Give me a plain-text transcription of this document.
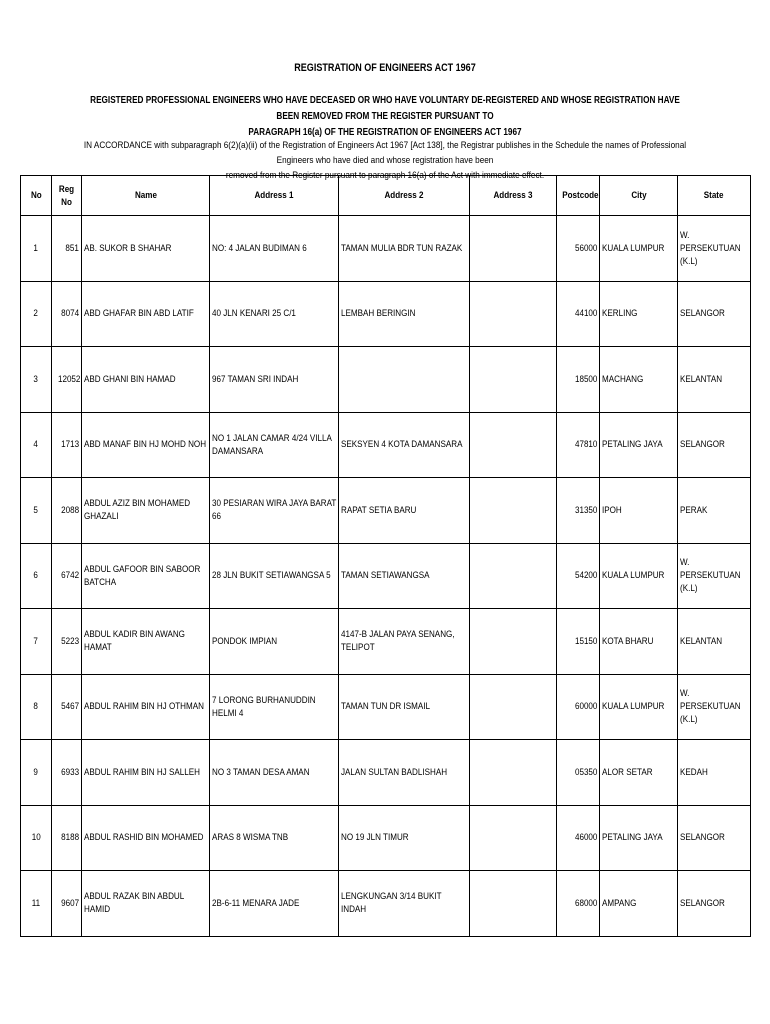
REGISTRATION OF ENGINEERS ACT 1967
REGISTERED PROFESSIONAL ENGINEERS WHO HAVE DECEASED OR WHO HAVE VOLUNTARY DE-REGISTERED AND WHOSE REGISTRATION HAVE BEEN REMOVED FROM THE REGISTER PURSUANT TO
PARAGRAPH 16(a) OF THE REGISTRATION OF ENGINEERS ACT 1967
IN ACCORDANCE with subparagraph 6(2)(a)(ii) of the Registration of Engineers Act 1967 [Act 138], the Registrar publishes in the Schedule the names of Professional Engineers who have died and whose registration have been
removed from the Register pursuant to paragraph 16(a) of the Act with immediate effect.
No	Reg No	Name	Address 1	Address 2	Address 3	Postcode	City	State
1	851	AB. SUKOR B SHAHAR	NO: 4 JALAN BUDIMAN 6	TAMAN MULIA BDR TUN RAZAK		56000	KUALA LUMPUR	W. PERSEKUTUAN (K.L)
2	8074	ABD GHAFAR BIN ABD LATIF	40 JLN KENARI 25 C/1	LEMBAH BERINGIN		44100	KERLING	SELANGOR
3	12052	ABD GHANI BIN HAMAD	967 TAMAN SRI INDAH			18500	MACHANG	KELANTAN
4	1713	ABD MANAF BIN HJ MOHD NOH	NO 1 JALAN CAMAR 4/24 VILLA DAMANSARA	SEKSYEN 4 KOTA DAMANSARA		47810	PETALING JAYA	SELANGOR
5	2088	ABDUL AZIZ BIN MOHAMED GHAZALI	30 PESIARAN WIRA JAYA BARAT 66	RAPAT SETIA BARU		31350	IPOH	PERAK
6	6742	ABDUL GAFOOR BIN SABOOR BATCHA	28 JLN BUKIT SETIAWANGSA 5	TAMAN SETIAWANGSA		54200	KUALA LUMPUR	W. PERSEKUTUAN (K.L)
7	5223	ABDUL KADIR BIN AWANG HAMAT	PONDOK IMPIAN	4147-B JALAN PAYA SENANG, TELIPOT		15150	KOTA BHARU	KELANTAN
8	5467	ABDUL RAHIM BIN HJ OTHMAN	7 LORONG BURHANUDDIN HELMI 4	TAMAN TUN DR ISMAIL		60000	KUALA LUMPUR	W. PERSEKUTUAN (K.L)
9	6933	ABDUL RAHIM BIN HJ SALLEH	NO 3 TAMAN DESA AMAN	JALAN SULTAN BADLISHAH		05350	ALOR SETAR	KEDAH
10	8188	ABDUL RASHID BIN MOHAMED	ARAS 8 WISMA TNB	NO 19 JLN TIMUR		46000	PETALING JAYA	SELANGOR
11	9607	ABDUL RAZAK BIN ABDUL HAMID	2B-6-11 MENARA JADE	LENGKUNGAN 3/14 BUKIT INDAH		68000	AMPANG	SELANGOR
